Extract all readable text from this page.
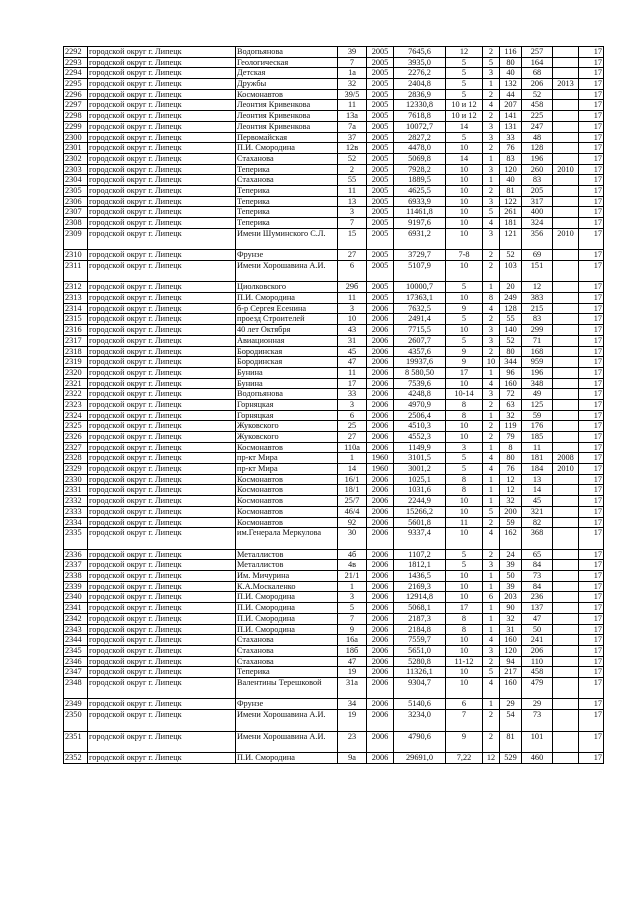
2292	городской округ г. Липецк	Водопьянова	39	2005	7645,6	12	2	116	257		17
2293	городской округ г. Липецк	Геологическая	7	2005	3935,0	5	5	80	164		17
2294	городской округ г. Липецк	Детская	1а	2005	2276,2	5	3	40	68		17
2295	городской округ г. Липецк	Дружбы	32	2005	2404,8	5	1	132	206	2013	17
2296	городской округ г. Липецк	Космонавтов	39/5	2005	2836,9	5	2	44	52		17
2297	городской округ г. Липецк	Леонтия Кривенкова	11	2005	12330,8	10 и 12	4	207	458		17
2298	городской округ г. Липецк	Леонтия Кривенкова	13а	2005	7618,8	10 и 12	2	141	225		17
2299	городской округ г. Липецк	Леонтия Кривенкова	7а	2005	10072,7	14	3	131	247		17
2300	городской округ г. Липецк	Первомайская	37	2005	2827,2	5	3	33	48		17
2301	городской округ г. Липецк	П.И. Смородина	12в	2005	4478,0	10	2	76	128		17
2302	городской округ г. Липецк	Стаханова	52	2005	5069,8	14	1	83	196		17
2303	городской округ г. Липецк	Теперика	2	2005	7928,2	10	3	120	260	2010	17
2304	городской округ г. Липецк	Стаханова	55	2005	1889,5	10	1	40	83		17
2305	городской округ г. Липецк	Теперика	11	2005	4625,5	10	2	81	205		17
2306	городской округ г. Липецк	Теперика	13	2005	6933,9	10	3	122	317		17
2307	городской округ г. Липецк	Теперика	3	2005	11461,8	10	5	261	400		17
2308	городской округ г. Липецк	Теперика	7	2005	9197,6	10	4	181	324		17
2309	городской округ г. Липецк	Имени Шуминского С.Л.	15	2005	6931,2	10	3	121	356	2010	17
2310	городской округ г. Липецк	Фрунзе	27	2005	3729,7	7-8	2	52	69		17
2311	городской округ г. Липецк	Имени Хорошавина А.И.	6	2005	5107,9	10	2	103	151		17
2312	городской округ г. Липецк	Циолковского	29б	2005	10000,7	5	1	20	12		17
2313	городской округ г. Липецк	П.И. Смородина	11	2005	17363,1	10	8	249	383		17
2314	городской округ г. Липецк	б-р Сергея Есенина	3	2006	7632,5	9	4	128	215		17
2315	городской округ г. Липецк	проезд Строителей	10	2006	2491,4	5	2	55	83		17
2316	городской округ г. Липецк	40 лет Октября	43	2006	7715,5	10	3	140	299		17
2317	городской округ г. Липецк	Авиационная	31	2006	2607,7	5	3	52	71		17
2318	городской округ г. Липецк	Бородинская	45	2006	4357,6	9	2	80	168		17
2319	городской округ г. Липецк	Бородинская	47	2006	19937,6	9	10	344	959		17
2320	городской округ г. Липецк	Бунина	11	2006	8 580,50	17	1	96	196		17
2321	городской округ г. Липецк	Бунина	17	2006	7539,6	10	4	160	348		17
2322	городской округ г. Липецк	Водопьянова	33	2006	4248,8	10-14	3	72	49		17
2323	городской округ г. Липецк	Горняцкая	3	2006	4970,9	8	2	63	125		17
2324	городской округ г. Липецк	Горняцкая	6	2006	2506,4	8	1	32	59		17
2325	городской округ г. Липецк	Жуковского	25	2006	4510,3	10	2	119	176		17
2326	городской округ г. Липецк	Жуковского	27	2006	4552,3	10	2	79	185		17
2327	городской округ г. Липецк	Космонавтов	110а	2006	1149,9	3	1	8	11		17
2328	городской округ г. Липецк	пр-кт Мира	1	1960	3101,5	5	4	80	181	2008	17
2329	городской округ г. Липецк	пр-кт Мира	14	1960	3001,2	5	4	76	184	2010	17
2330	городской округ г. Липецк	Космонавтов	16/1	2006	1025,1	8	1	12	13		17
2331	городской округ г. Липецк	Космонавтов	18/1	2006	1031,6	8	1	12	14		17
2332	городской округ г. Липецк	Космонавтов	25/7	2006	2244,9	10	1	32	45		17
2333	городской округ г. Липецк	Космонавтов	46/4	2006	15266,2	10	5	200	321		17
2334	городской округ г. Липецк	Космонавтов	92	2006	5601,8	11	2	59	82		17
2335	городской округ г. Липецк	им.Генерала Меркулова	30	2006	9337,4	10	4	162	368		17
2336	городской округ г. Липецк	Металлистов	4б	2006	1107,2	5	2	24	65		17
2337	городской округ г. Липецк	Металлистов	4в	2006	1812,1	5	3	39	84		17
2338	городской округ г. Липецк	Им. Мичурина	21/1	2006	1436,5	10	1	50	73		17
2339	городской округ г. Липецк	К.А.Москаленко	1	2006	2169,3	10	1	39	84		17
2340	городской округ г. Липецк	П.И. Смородина	3	2006	12914,8	10	6	203	236		17
2341	городской округ г. Липецк	П.И. Смородина	5	2006	5068,1	17	1	90	137		17
2342	городской округ г. Липецк	П.И. Смородина	7	2006	2187,3	8	1	32	47		17
2343	городской округ г. Липецк	П.И. Смородина	9	2006	2184,8	8	1	31	50		17
2344	городской округ г. Липецк	Стаханова	16а	2006	7559,7	10	4	160	241		17
2345	городской округ г. Липецк	Стаханова	18б	2006	5651,0	10	3	120	206		17
2346	городской округ г. Липецк	Стаханова	47	2006	5280,8	11-12	2	94	110		17
2347	городской округ г. Липецк	Теперика	19	2006	11326,1	10	5	217	458		17
2348	городской округ г. Липецк	Валентины Терешковой	31а	2006	9304,7	10	4	160	479		17
2349	городской округ г. Липецк	Фрунзе	34	2006	5140,6	6	1	29	29		17
2350	городской округ г. Липецк	Имени Хорошавина А.И.	19	2006	3234,0	7	2	54	73		17
2351	городской округ г. Липецк	Имени Хорошавина А.И.	23	2006	4790,6	9	2	81	101		17
2352	городской округ г. Липецк	П.И. Смородина	9а	2006	29691,0	7,22	12	529	460		17
